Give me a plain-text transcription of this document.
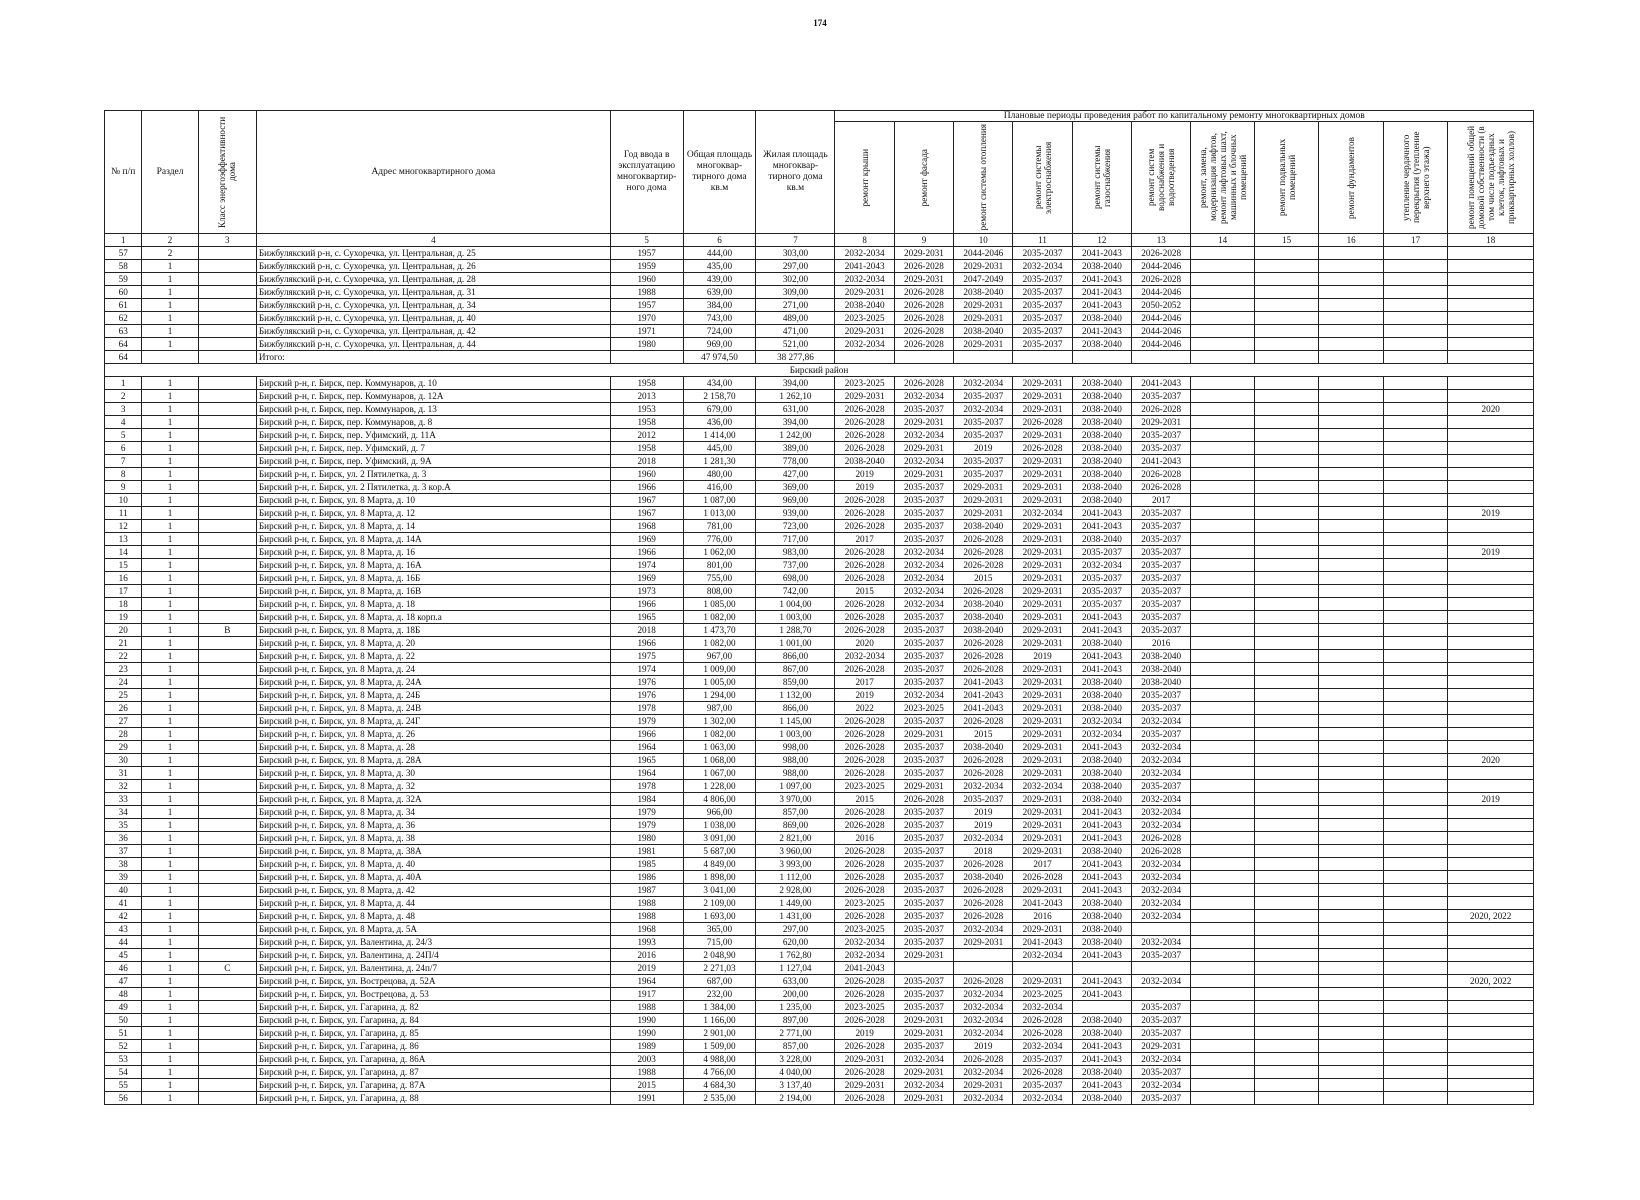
174
№ п/п	Раздел	Класс энергоэффективности дома	Адрес многоквартирного дома	Год ввода в эксплуатацию многоквартир-ного дома	Общая площадь многоквар-тирного дома кв.м	Жилая площадь многоквар-тирного дома кв.м	Плановые периоды проведения работ по капитальному ремонту многоквартирных домов										

							ремонт крыши	ремонт фасада	ремонт системы отопления	ремонт системы электроснабжения	ремонт системы газоснабжения	ремонт систем водоснабжения и водоотведения	ремонт, замена, модернизация лифтов, ремонт лифтовых шахт, машинных и блочных помещений	ремонт подвальных помещений	ремонт фундаментов	утепление чердачного перекрытия (утепление верхнего этажа)	ремонт помещений общей домовой собственности (в том числе подъездных клеток, лифтовых и приквартирных холлов)

1	2	3	4	5	6	7	8	9	10	11	12	13	14	15	16	17	18
57	2		Бижбулякский р-н, с. Сухоречка, ул. Центральная, д. 25	1957	444,00	303,00	2032-2034	2029-2031	2044-2046	2035-2037	2041-2043	2026-2028					
58	1		Бижбулякский р-н, с. Сухоречка, ул. Центральная, д. 26	1959	435,00	297,00	2041-2043	2026-2028	2029-2031	2032-2034	2038-2040	2044-2046					
59	1		Бижбулякский р-н, с. Сухоречка, ул. Центральная, д. 28	1960	439,00	302,00	2032-2034	2029-2031	2047-2049	2035-2037	2041-2043	2026-2028					
60	1		Бижбулякский р-н, с. Сухоречка, ул. Центральная, д. 31	1988	639,00	309,00	2029-2031	2026-2028	2038-2040	2035-2037	2041-2043	2044-2046					
61	1		Бижбулякский р-н, с. Сухоречка, ул. Центральная, д. 34	1957	384,00	271,00	2038-2040	2026-2028	2029-2031	2035-2037	2041-2043	2050-2052					
62	1		Бижбулякский р-н, с. Сухоречка, ул. Центральная, д. 40	1970	743,00	489,00	2023-2025	2026-2028	2029-2031	2035-2037	2038-2040	2044-2046					
63	1		Бижбулякский р-н, с. Сухоречка, ул. Центральная, д. 42	1971	724,00	471,00	2029-2031	2026-2028	2038-2040	2035-2037	2041-2043	2044-2046					
64	1		Бижбулякский р-н, с. Сухоречка, ул. Центральная, д. 44	1980	969,00	521,00	2032-2034	2026-2028	2029-2031	2035-2037	2038-2040	2044-2046					
64			Итого:		47 974,50	38 277,86											
Бирский район																	
1	1		Бирский р-н, г. Бирск, пер. Коммунаров, д. 10	1958	434,00	394,00	2023-2025	2026-2028	2032-2034	2029-2031	2038-2040	2041-2043					
2	1		Бирский р-н, г. Бирск, пер. Коммунаров, д. 12А	2013	2 158,70	1 262,10	2029-2031	2032-2034	2035-2037	2029-2031	2038-2040	2035-2037					
3	1		Бирский р-н, г. Бирск, пер. Коммунаров, д. 13	1953	679,00	631,00	2026-2028	2035-2037	2032-2034	2029-2031	2038-2040	2026-2028					2020
4	1		Бирский р-н, г. Бирск, пер. Коммунаров, д. 8	1958	436,00	394,00	2026-2028	2029-2031	2035-2037	2026-2028	2038-2040	2029-2031					
5	1		Бирский р-н, г. Бирск, пер. Уфимский, д. 11А	2012	1 414,00	1 242,00	2026-2028	2032-2034	2035-2037	2029-2031	2038-2040	2035-2037					
6	1		Бирский р-н, г. Бирск, пер. Уфимский, д. 7	1958	445,00	389,00	2026-2028	2029-2031	2019	2026-2028	2038-2040	2035-2037					
7	1		Бирский р-н, г. Бирск, пер. Уфимский, д. 9А	2018	1 281,30	778,00	2038-2040	2032-2034	2035-2037	2029-2031	2038-2040	2041-2043					
8	1		Бирский р-н, г. Бирск, ул. 2 Пятилетка, д. 3	1960	480,00	427,00	2019	2029-2031	2035-2037	2029-2031	2038-2040	2026-2028					
9	1		Бирский р-н, г. Бирск, ул. 2 Пятилетка, д. 3 кор.А	1966	416,00	369,00	2019	2035-2037	2029-2031	2029-2031	2038-2040	2026-2028					
10	1		Бирский р-н, г. Бирск, ул. 8 Марта, д. 10	1967	1 087,00	969,00	2026-2028	2035-2037	2029-2031	2029-2031	2038-2040	2017					
11	1		Бирский р-н, г. Бирск, ул. 8 Марта, д. 12	1967	1 013,00	939,00	2026-2028	2035-2037	2029-2031	2032-2034	2041-2043	2035-2037					2019
12	1		Бирский р-н, г. Бирск, ул. 8 Марта, д. 14	1968	781,00	723,00	2026-2028	2035-2037	2038-2040	2029-2031	2041-2043	2035-2037					
13	1		Бирский р-н, г. Бирск, ул. 8 Марта, д. 14А	1969	776,00	717,00	2017	2035-2037	2026-2028	2029-2031	2038-2040	2035-2037					
14	1		Бирский р-н, г. Бирск, ул. 8 Марта, д. 16	1966	1 062,00	983,00	2026-2028	2032-2034	2026-2028	2029-2031	2035-2037	2035-2037					2019
15	1		Бирский р-н, г. Бирск, ул. 8 Марта, д. 16А	1974	801,00	737,00	2026-2028	2032-2034	2026-2028	2029-2031	2032-2034	2035-2037					
16	1		Бирский р-н, г. Бирск, ул. 8 Марта, д. 16Б	1969	755,00	698,00	2026-2028	2032-2034	2015	2029-2031	2035-2037	2035-2037					
17	1		Бирский р-н, г. Бирск, ул. 8 Марта, д. 16В	1973	808,00	742,00	2015	2032-2034	2026-2028	2029-2031	2035-2037	2035-2037					
18	1		Бирский р-н, г. Бирск, ул. 8 Марта, д. 18	1966	1 085,00	1 004,00	2026-2028	2032-2034	2038-2040	2029-2031	2035-2037	2035-2037					
19	1		Бирский р-н, г. Бирск, ул. 8 Марта, д. 18 корп.а	1965	1 082,00	1 003,00	2026-2028	2035-2037	2038-2040	2029-2031	2041-2043	2035-2037					
20	1	В	Бирский р-н, г. Бирск, ул. 8 Марта, д. 18Б	2018	1 473,70	1 288,70	2026-2028	2035-2037	2038-2040	2029-2031	2041-2043	2035-2037					
21	1		Бирский р-н, г. Бирск, ул. 8 Марта, д. 20	1966	1 082,00	1 001,00	2020	2035-2037	2026-2028	2029-2031	2038-2040	2016					
22	1		Бирский р-н, г. Бирск, ул. 8 Марта, д. 22	1975	967,00	866,00	2032-2034	2035-2037	2026-2028	2019	2041-2043	2038-2040					
23	1		Бирский р-н, г. Бирск, ул. 8 Марта, д. 24	1974	1 009,00	867,00	2026-2028	2035-2037	2026-2028	2029-2031	2041-2043	2038-2040					
24	1		Бирский р-н, г. Бирск, ул. 8 Марта, д. 24А	1976	1 005,00	859,00	2017	2035-2037	2041-2043	2029-2031	2038-2040	2038-2040					
25	1		Бирский р-н, г. Бирск, ул. 8 Марта, д. 24Б	1976	1 294,00	1 132,00	2019	2032-2034	2041-2043	2029-2031	2038-2040	2035-2037					
26	1		Бирский р-н, г. Бирск, ул. 8 Марта, д. 24В	1978	987,00	866,00	2022	2023-2025	2041-2043	2029-2031	2038-2040	2035-2037					
27	1		Бирский р-н, г. Бирск, ул. 8 Марта, д. 24Г	1979	1 302,00	1 145,00	2026-2028	2035-2037	2026-2028	2029-2031	2032-2034	2032-2034					
28	1		Бирский р-н, г. Бирск, ул. 8 Марта, д. 26	1966	1 082,00	1 003,00	2026-2028	2029-2031	2015	2029-2031	2032-2034	2035-2037					
29	1		Бирский р-н, г. Бирск, ул. 8 Марта, д. 28	1964	1 063,00	998,00	2026-2028	2035-2037	2038-2040	2029-2031	2041-2043	2032-2034					
30	1		Бирский р-н, г. Бирск, ул. 8 Марта, д. 28А	1965	1 068,00	988,00	2026-2028	2035-2037	2026-2028	2029-2031	2038-2040	2032-2034					2020
31	1		Бирский р-н, г. Бирск, ул. 8 Марта, д. 30	1964	1 067,00	988,00	2026-2028	2035-2037	2026-2028	2029-2031	2038-2040	2032-2034					
32	1		Бирский р-н, г. Бирск, ул. 8 Марта, д. 32	1978	1 228,00	1 097,00	2023-2025	2029-2031	2032-2034	2032-2034	2038-2040	2035-2037					
33	1		Бирский р-н, г. Бирск, ул. 8 Марта, д. 32А	1984	4 806,00	3 970,00	2015	2026-2028	2035-2037	2029-2031	2038-2040	2032-2034					2019
34	1		Бирский р-н, г. Бирск, ул. 8 Марта, д. 34	1979	966,00	857,00	2026-2028	2035-2037	2019	2029-2031	2041-2043	2032-2034					
35	1		Бирский р-н, г. Бирск, ул. 8 Марта, д. 36	1979	1 038,00	869,00	2026-2028	2035-2037	2019	2029-2031	2041-2043	2032-2034					
36	1		Бирский р-н, г. Бирск, ул. 8 Марта, д. 38	1980	3 091,00	2 821,00	2016	2035-2037	2032-2034	2029-2031	2041-2043	2026-2028					
37	1		Бирский р-н, г. Бирск, ул. 8 Марта, д. 38А	1981	5 687,00	3 960,00	2026-2028	2035-2037	2018	2029-2031	2038-2040	2026-2028					
38	1		Бирский р-н, г. Бирск, ул. 8 Марта, д. 40	1985	4 849,00	3 993,00	2026-2028	2035-2037	2026-2028	2017	2041-2043	2032-2034					
39	1		Бирский р-н, г. Бирск, ул. 8 Марта, д. 40А	1986	1 898,00	1 112,00	2026-2028	2035-2037	2038-2040	2026-2028	2041-2043	2032-2034					
40	1		Бирский р-н, г. Бирск, ул. 8 Марта, д. 42	1987	3 041,00	2 928,00	2026-2028	2035-2037	2026-2028	2029-2031	2041-2043	2032-2034					
41	1		Бирский р-н, г. Бирск, ул. 8 Марта, д. 44	1988	2 109,00	1 449,00	2023-2025	2035-2037	2026-2028	2041-2043	2038-2040	2032-2034					
42	1		Бирский р-н, г. Бирск, ул. 8 Марта, д. 48	1988	1 693,00	1 431,00	2026-2028	2035-2037	2026-2028	2016	2038-2040	2032-2034					2020, 2022
43	1		Бирский р-н, г. Бирск, ул. 8 Марта, д. 5А	1968	365,00	297,00	2023-2025	2035-2037	2032-2034	2029-2031	2038-2040						
44	1		Бирский р-н, г. Бирск, ул. Валентина, д. 24/3	1993	715,00	620,00	2032-2034	2035-2037	2029-2031	2041-2043	2038-2040	2032-2034					
45	1		Бирский р-н, г. Бирск, ул. Валентина, д. 24П/4	2016	2 048,90	1 762,80	2032-2034	2029-2031		2032-2034	2041-2043	2035-2037					
46	1	С	Бирский р-н, г. Бирск, ул. Валентина, д. 24п/7	2019	2 271,03	1 127,04	2041-2043										
47	1		Бирский р-н, г. Бирск, ул. Вострецова, д. 52А	1964	687,00	633,00	2026-2028	2035-2037	2026-2028	2029-2031	2041-2043	2032-2034					2020, 2022
48	1		Бирский р-н, г. Бирск, ул. Вострецова, д. 53	1917	232,00	200,00	2026-2028	2035-2037	2032-2034	2023-2025	2041-2043						
49	1		Бирский р-н, г. Бирск, ул. Гагарина, д. 82	1988	1 384,00	1 235,00	2023-2025	2035-2037	2032-2034	2032-2034		2035-2037					
50	1		Бирский р-н, г. Бирск, ул. Гагарина, д. 84	1990	1 166,00	897,00	2026-2028	2029-2031	2032-2034	2026-2028	2038-2040	2035-2037					
51	1		Бирский р-н, г. Бирск, ул. Гагарина, д. 85	1990	2 901,00	2 771,00	2019	2029-2031	2032-2034	2026-2028	2038-2040	2035-2037					
52	1		Бирский р-н, г. Бирск, ул. Гагарина, д. 86	1989	1 509,00	857,00	2026-2028	2035-2037	2019	2032-2034	2041-2043	2029-2031					
53	1		Бирский р-н, г. Бирск, ул. Гагарина, д. 86А	2003	4 988,00	3 228,00	2029-2031	2032-2034	2026-2028	2035-2037	2041-2043	2032-2034					
54	1		Бирский р-н, г. Бирск, ул. Гагарина, д. 87	1988	4 766,00	4 040,00	2026-2028	2029-2031	2032-2034	2026-2028	2038-2040	2035-2037					
55	1		Бирский р-н, г. Бирск, ул. Гагарина, д. 87А	2015	4 684,30	3 137,40	2029-2031	2032-2034	2029-2031	2035-2037	2041-2043	2032-2034					
56	1		Бирский р-н, г. Бирск, ул. Гагарина, д. 88	1991	2 535,00	2 194,00	2026-2028	2029-2031	2032-2034	2032-2034	2038-2040	2035-2037					
